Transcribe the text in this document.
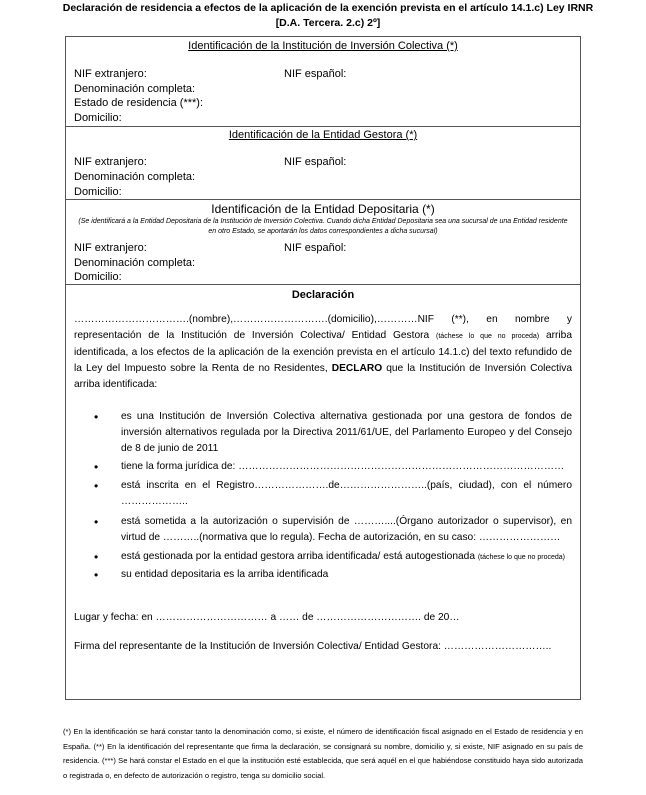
Declaración de residencia a efectos de la aplicación de la exención prevista en el artículo 14.1.c) Ley IRNR [D.A. Tercera. 2.c) 2º]
Identificación de la Institución de Inversión Colectiva (*)
NIF extranjero:	NIF español:
Denominación completa:
Estado de residencia (***):
Domicilio:
Identificación de la Entidad Gestora (*)
NIF extranjero:	NIF español:
Denominación completa:
Domicilio:
Identificación de la Entidad Depositaria (*)
(Se identificará a la Entidad Depositaria de la Institución de Inversión Colectiva. Cuando dicha Entidad Depositaria sea una sucursal de una Entidad residente en otro Estado, se aportarán los datos correspondientes a dicha sucursal)
NIF extranjero:	NIF español:
Denominación completa:
Domicilio:
Declaración
…………………………….(nombre),……………………….(domicilio),…………NIF (**), en nombre y representación de la Institución de Inversión Colectiva/ Entidad Gestora (táchese lo que no proceda) arriba identificada, a los efectos de la aplicación de la exención prevista en el artículo 14.1.c) del texto refundido de la Ley del Impuesto sobre la Renta de no Residentes, DECLARO que la Institución de Inversión Colectiva arriba identificada:
• es una Institución de Inversión Colectiva alternativa gestionada por una gestora de fondos de inversión alternativos regulada por la Directiva 2011/61/UE, del Parlamento Europeo y del Consejo de 8 de junio de 2011
• tiene la forma jurídica de: ……………………………………………………………………………………
• está inscrita en el Registro………………….de……………………..(país, ciudad), con el número ………………..
• está sometida a la autorización o supervisión de ………....(Órgano autorizador o supervisor), en virtud de ………..(normativa que lo regula). Fecha de autorización, en su caso: ……………………
• está gestionada por la entidad gestora arriba identificada/ está autogestionada (táchese lo que no proceda)
• su entidad depositaria es la arriba identificada
Lugar y fecha: en …………………………… a …… de …………………………. de 20…
Firma del representante de la Institución de Inversión Colectiva/ Entidad Gestora: …………………………..
(*) En la identificación se hará constar tanto la denominación como, si existe, el número de identificación fiscal asignado en el Estado de residencia y en España. (**) En la identificación del representante que firma la declaración, se consignará su nombre, domicilio y, si existe, NIF asignado en su país de residencia. (***) Se hará constar el Estado en el que la institución esté establecida, que será aquél en el que habiéndose constituido haya sido autorizada o registrada o, en defecto de autorización o registro, tenga su domicilio social.
